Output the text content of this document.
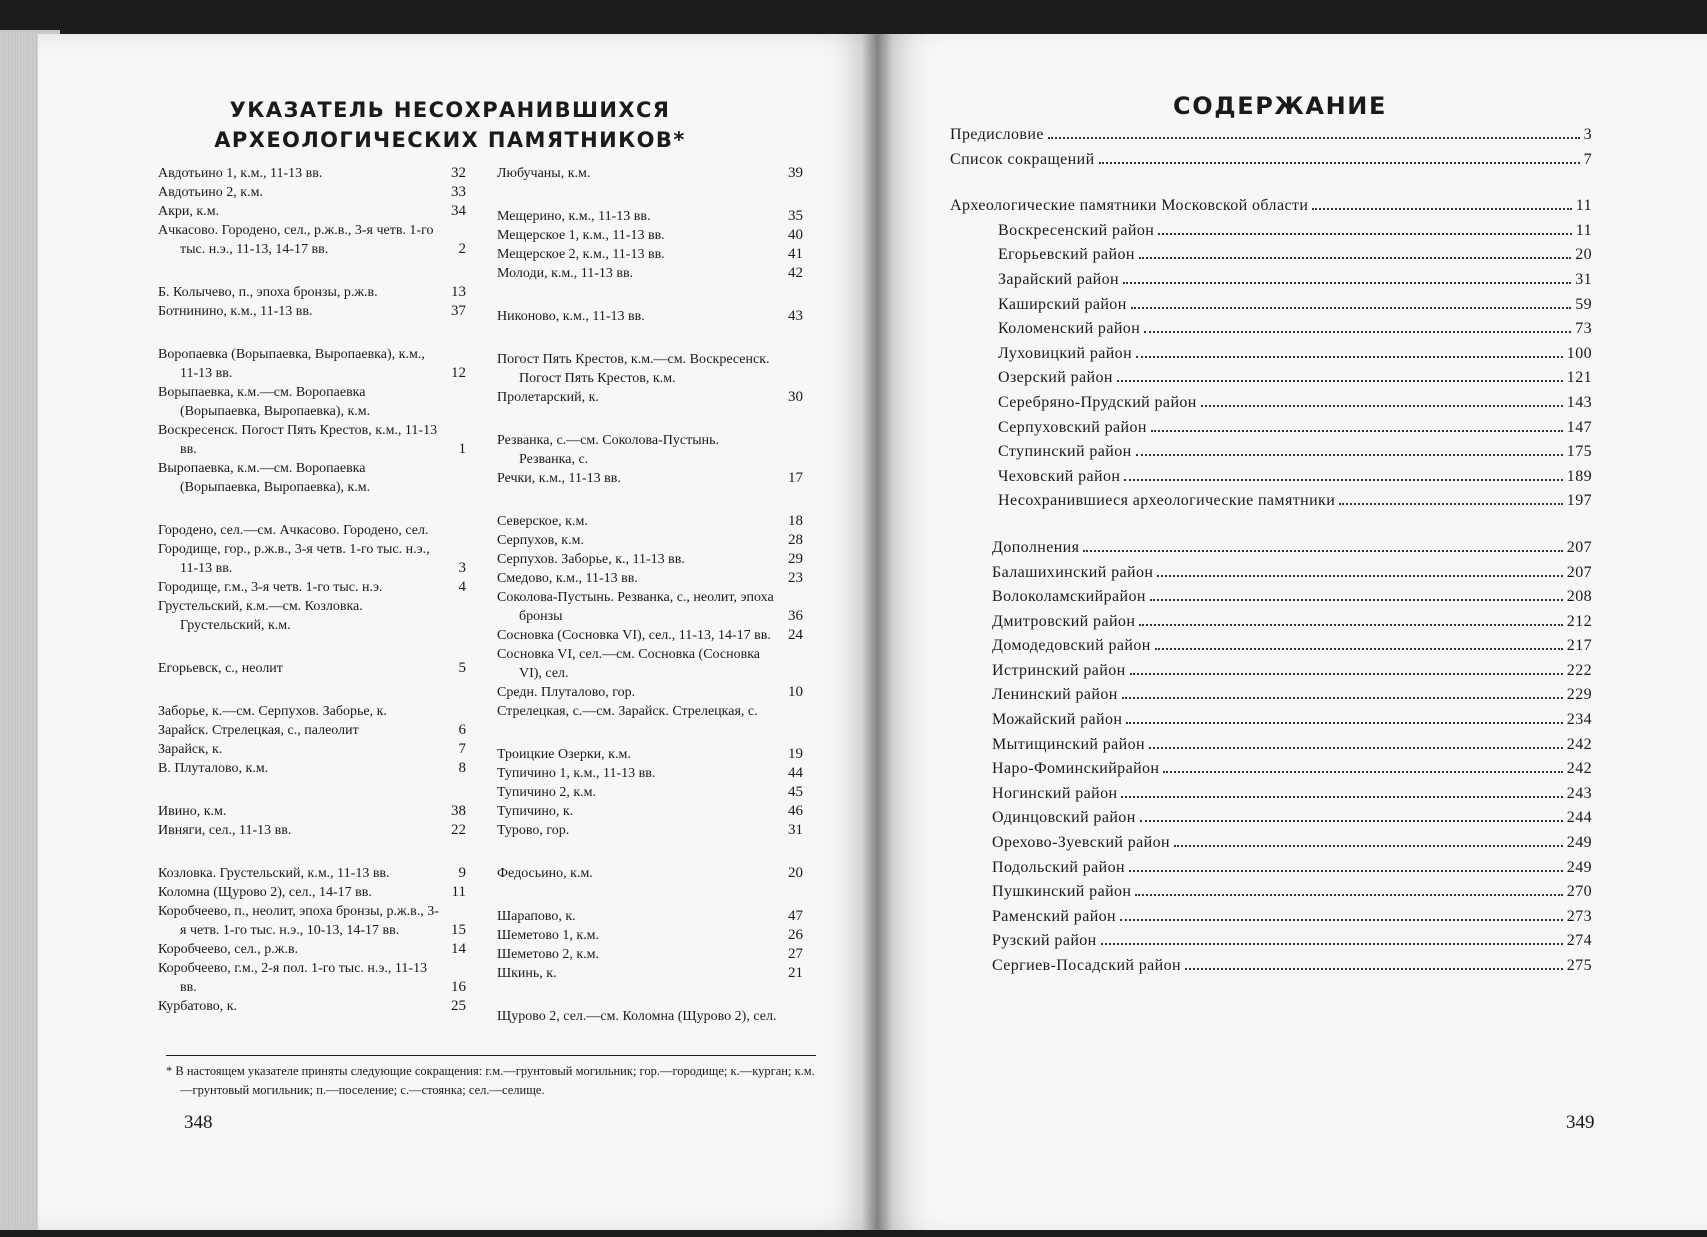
УКАЗАТЕЛЬ НЕСОХРАНИВШИХСЯ
АРХЕОЛОГИЧЕСКИХ ПАМЯТНИКОВ*
Авдотьино 1, к.м., 11-13 вв.	32
Авдотьино 2, к.м.	33
Акри, к.м.	34
Ачкасово. Городено, сел., р.ж.в., 3-я четв. 1-го тыс. н.э., 11-13, 14-17 вв.	2
Б. Колычево, п., эпоха бронзы, р.ж.в.	13
Ботнинино, к.м., 11-13 вв.	37
Воропаевка (Ворыпаевка, Выропаевка), к.м., 11-13 вв.	12
Ворыпаевка, к.м.—см. Воропаевка (Ворыпаевка, Выропаевка), к.м.
Воскресенск. Погост Пять Крестов, к.м., 11-13 вв.	1
Выропаевка, к.м.—см. Воропаевка (Ворыпаевка, Выропаевка), к.м.
Городено, сел.—см. Ачкасово. Городено, сел.
Городище, гор., р.ж.в., 3-я четв. 1-го тыс. н.э., 11-13 вв.	3
Городище, г.м., 3-я четв. 1-го тыс. н.э.	4
Грустельский, к.м.—см. Козловка. Грустельский, к.м.
Егорьевск, с., неолит	5
Заборье, к.—см. Серпухов. Заборье, к.
Зарайск. Стрелецкая, с., палеолит	6
Зарайск, к.	7
В. Плуталово, к.м.	8
Ивино, к.м.	38
Ивняги, сел., 11-13 вв.	22
Козловка. Грустельский, к.м., 11-13 вв.	9
Коломна (Щурово 2), сел., 14-17 вв.	11
Коробчеево, п., неолит, эпоха бронзы, р.ж.в., 3-я четв. 1-го тыс. н.э., 10-13, 14-17 вв.	15
Коробчеево, сел., р.ж.в.	14
Коробчеево, г.м., 2-я пол. 1-го тыс. н.э., 11-13 вв.	16
Курбатово, к.	25
Любучаны, к.м.	39
Мещерино, к.м., 11-13 вв.	35
Мещерское 1, к.м., 11-13 вв.	40
Мещерское 2, к.м., 11-13 вв.	41
Молоди, к.м., 11-13 вв.	42
Никоново, к.м., 11-13 вв.	43
Погост Пять Крестов, к.м.—см. Воскресенск. Погост Пять Крестов, к.м.
Пролетарский, к.	30
Резванка, с.—см. Соколова-Пустынь. Резванка, с.
Речки, к.м., 11-13 вв.	17
Северское, к.м.	18
Серпухов, к.м.	28
Серпухов. Заборье, к., 11-13 вв.	29
Смедово, к.м., 11-13 вв.	23
Соколова-Пустынь. Резванка, с., неолит, эпоха бронзы	36
Сосновка (Сосновка VI), сел., 11-13, 14-17 вв.	24
Сосновка VI, сел.—см. Сосновка (Сосновка VI), сел.
Средн. Плуталово, гор.	10
Стрелецкая, с.—см. Зарайск. Стрелецкая, с.
Троицкие Озерки, к.м.	19
Тупичино 1, к.м., 11-13 вв.	44
Тупичино 2, к.м.	45
Тупичино, к.	46
Турово, гор.	31
Федосьино, к.м.	20
Шарапово, к.	47
Шеметово 1, к.м.	26
Шеметово 2, к.м.	27
Шкинь, к.	21
Щурово 2, сел.—см. Коломна (Щурово 2), сел.
* В настоящем указателе приняты следующие сокращения: г.м.—грунтовый могильник; гор.—городище; к.—курган; к.м.—грунтовый могильник; п.—поселение; с.—стоянка; сел.—селище.
348
СОДЕРЖАНИЕ
Предисловие	3
Список сокращений	7
Археологические памятники Московской области	11
Воскресенский район	11
Егорьевский район	20
Зарайский район	31
Каширский район	59
Коломенский район	73
Луховицкий район	100
Озерский район	121
Серебряно-Прудский район	143
Серпуховский район	147
Ступинский район	175
Чеховский район	189
Несохранившиеся археологические памятники	197
Дополнения	207
Балашихинский район	207
Волоколамскийрайон	208
Дмитровский район	212
Домодедовский район	217
Истринский район	222
Ленинский район	229
Можайский район	234
Мытищинский район	242
Наро-Фоминскийрайон	242
Ногинский район	243
Одинцовский район	244
Орехово-Зуевский район	249
Подольский район	249
Пушкинский район	270
Раменский район	273
Рузский район	274
Сергиев-Посадский район	275
349
